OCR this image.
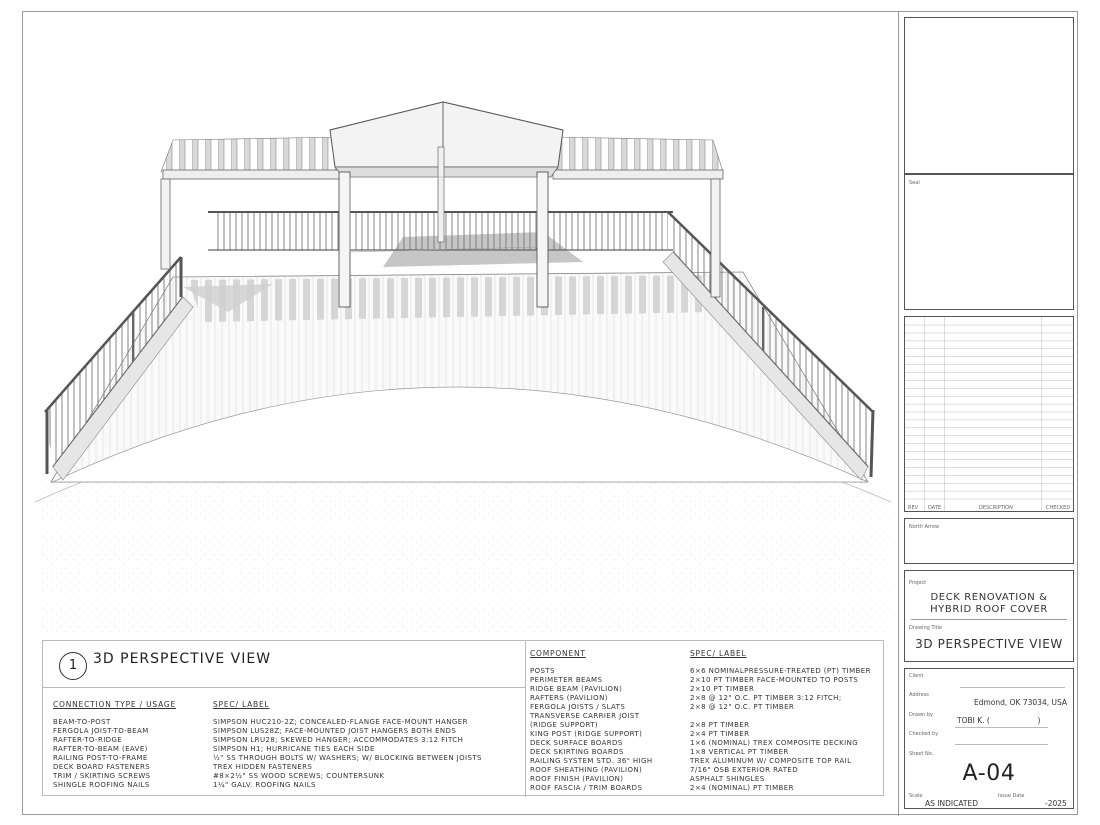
1	3D PERSPECTIVE VIEW
CONNECTION TYPE / USAGE	SPEC/ LABEL
BEAM-TO-POST	SIMPSON HUC210-2Z; CONCEALED-FLANGE FACE-MOUNT HANGER
FERGOLA JOIST-TO-BEAM	SIMPSON LUS28Z; FACE-MOUNTED JOIST HANGERS BOTH ENDS
RAFTER-TO-RIDGE	SIMPSON LRU28; SKEWED HANGER; ACCOMMODATES 3:12 FITCH
RAFTER-TO-BEAM (EAVE)	SIMPSON H1; HURRICANE TIES EACH SIDE
RAILING POST-TO-FRAME	½" SS THROUGH BOLTS W/ WASHERS; W/ BLOCKING BETWEEN JOISTS
DECK BOARD FASTENERS	TREX HIDDEN FASTENERS
TRIM / SKIRTING SCREWS	#8×2½" SS WOOD SCREWS; COUNTERSUNK
SHINGLE ROOFING NAILS	1¼" GALV. ROOFING NAILS
COMPONENT	SPEC/ LABEL
POSTS	6×6 NOMINALPRESSURE-TREATED (PT) TIMBER
PERIMETER BEAMS	2×10 PT TIMBER FACE-MOUNTED TO POSTS
RIDGE BEAM (PAVILION)	2×10 PT TIMBER
RAFTERS (PAVILION)	2×8 @ 12" O.C. PT TIMBER 3:12 FITCH;
FERGOLA JOISTS / SLATS	2×8 @ 12" O.C. PT TIMBER
TRANSVERSE CARRIER JOIST
(RIDGE SUPPORT)	2×8 PT TIMBER
KING POST (RIDGE SUPPORT)	2×4 PT TIMBER
DECK SURFACE BOARDS	1×6 (NOMINAL) TREX COMPOSITE DECKING
DECK SKIRTING BOARDS	1×8 VERTICAL PT TIMBER
RAILING SYSTEM STD. 36" HIGH	TREX ALUMINUM W/ COMPOSITE TOP RAIL
ROOF SHEATHING (PAVILION)	7/16" OSB EXTERIOR RATED
ROOF FINISH (PAVILION)	ASPHALT SHINGLES
ROOF FASCIA / TRIM BOARDS	2×4 (NOMINAL) PT TIMBER
Seal
REV DATE	DESCRIPTION	CHECKED
North Arrow
Project
DECK RENOVATION &
HYBRID ROOF COVER
Drawing Title
3D PERSPECTIVE VIEW
Client
Address
Edmond, OK 73034, USA
Drawn by
TOBI K. (                    )
Checked by
Sheet No.
A-04
Scale
AS INDICATED
Issue Date
-2025
